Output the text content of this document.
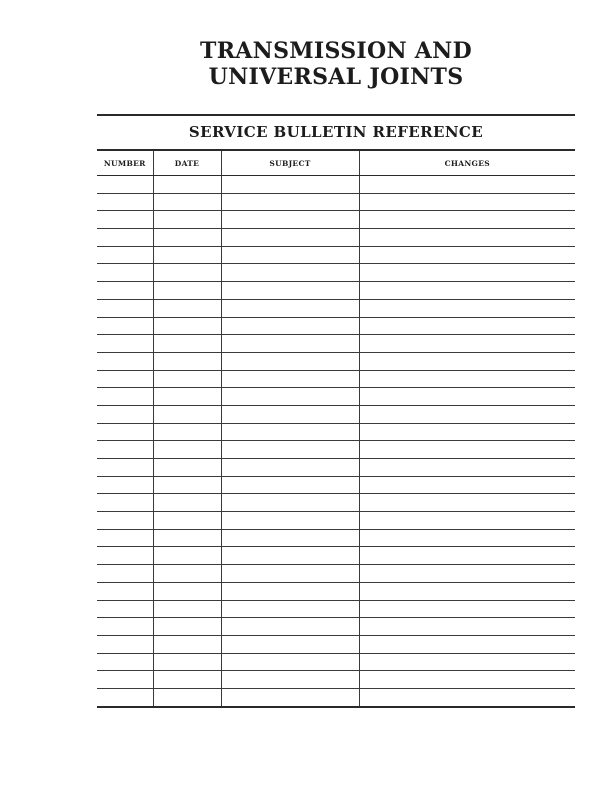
TRANSMISSION AND
UNIVERSAL JOINTS
SERVICE BULLETIN REFERENCE
NUMBER	DATE	SUBJECT	CHANGES
